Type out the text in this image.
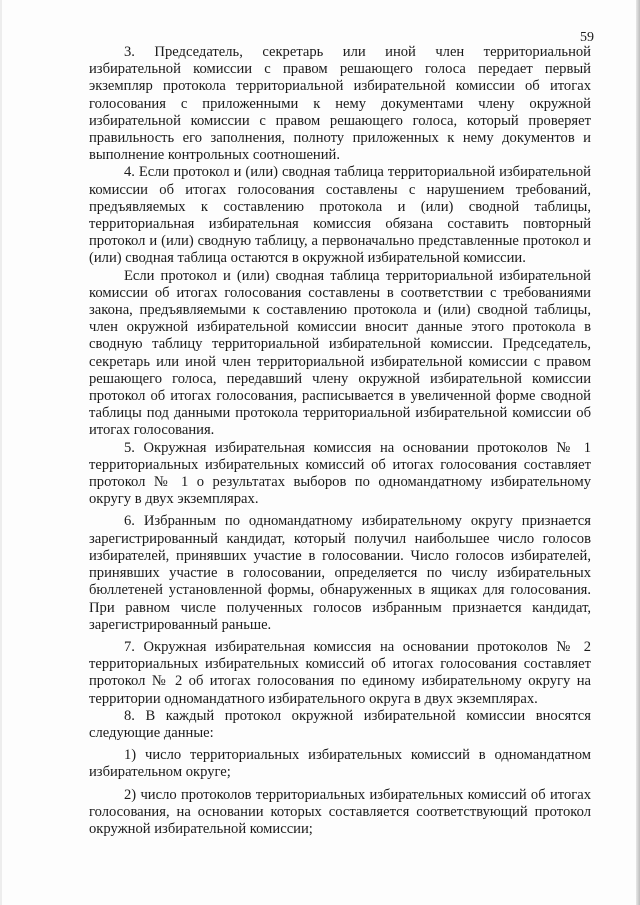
59

3. Председатель, секретарь или иной член территориальной избирательной комиссии с правом решающего голоса передает первый экземпляр протокола территориальной избирательной комиссии об итогах голосования с приложенными к нему документами члену окружной избирательной комиссии с правом решающего голоса, который проверяет правильность его заполнения, полноту приложенных к нему документов и выполнение контрольных соотношений.

4. Если протокол и (или) сводная таблица территориальной избирательной комиссии об итогах голосования составлены с нарушением требований, предъявляемых к составлению протокола и (или) сводной таблицы, территориальная избирательная комиссия обязана составить повторный протокол и (или) сводную таблицу, а первоначально представленные протокол и (или) сводная таблица остаются в окружной избирательной комиссии.

Если протокол и (или) сводная таблица территориальной избирательной комиссии об итогах голосования составлены в соответствии с требованиями закона, предъявляемыми к составлению протокола и (или) сводной таблицы, член окружной избирательной комиссии вносит данные этого протокола в сводную таблицу территориальной избирательной комиссии. Председатель, секретарь или иной член территориальной избирательной комиссии с правом решающего голоса, передавший члену окружной избирательной комиссии протокол об итогах голосования, расписывается в увеличенной форме сводной таблицы под данными протокола территориальной избирательной комиссии об итогах голосования.

5. Окружная избирательная комиссия на основании протоколов № 1 территориальных избирательных комиссий об итогах голосования составляет протокол № 1 о результатах выборов по одномандатному избирательному округу в двух экземплярах.

6. Избранным по одномандатному избирательному округу признается зарегистрированный кандидат, который получил наибольшее число голосов избирателей, принявших участие в голосовании. Число голосов избирателей, принявших участие в голосовании, определяется по числу избирательных бюллетеней установленной формы, обнаруженных в ящиках для голосования. При равном числе полученных голосов избранным признается кандидат, зарегистрированный раньше.

7. Окружная избирательная комиссия на основании протоколов № 2 территориальных избирательных комиссий об итогах голосования составляет протокол № 2 об итогах голосования по единому избирательному округу на территории одномандатного избирательного округа в двух экземплярах.

8. В каждый протокол окружной избирательной комиссии вносятся следующие данные:

1) число территориальных избирательных комиссий в одномандатном избирательном округе;

2) число протоколов территориальных избирательных комиссий об итогах голосования, на основании которых составляется соответствующий протокол окружной избирательной комиссии;
